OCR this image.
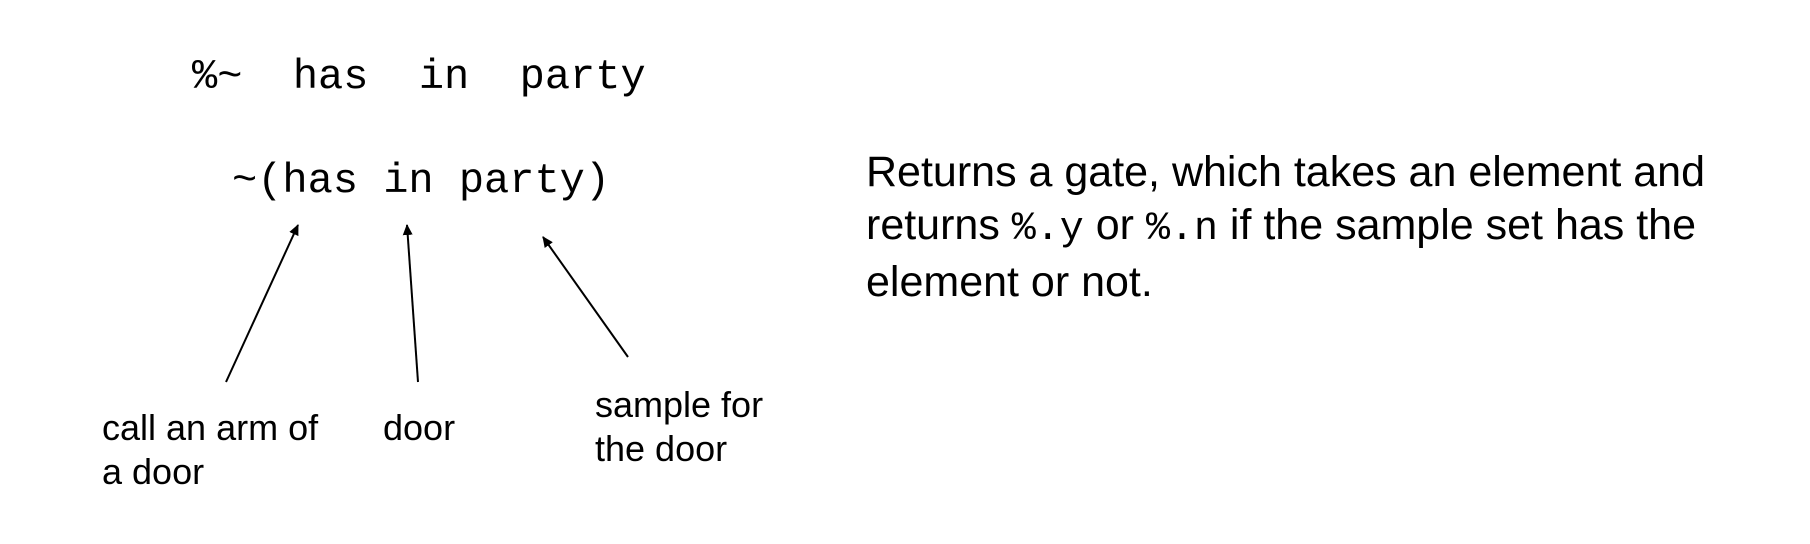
%~  has  in  party
~(has in party)
call an arm of
a door
door
sample for
the door
Returns a gate, which takes an element and returns %.y or %.n if the sample set has the element or not.
